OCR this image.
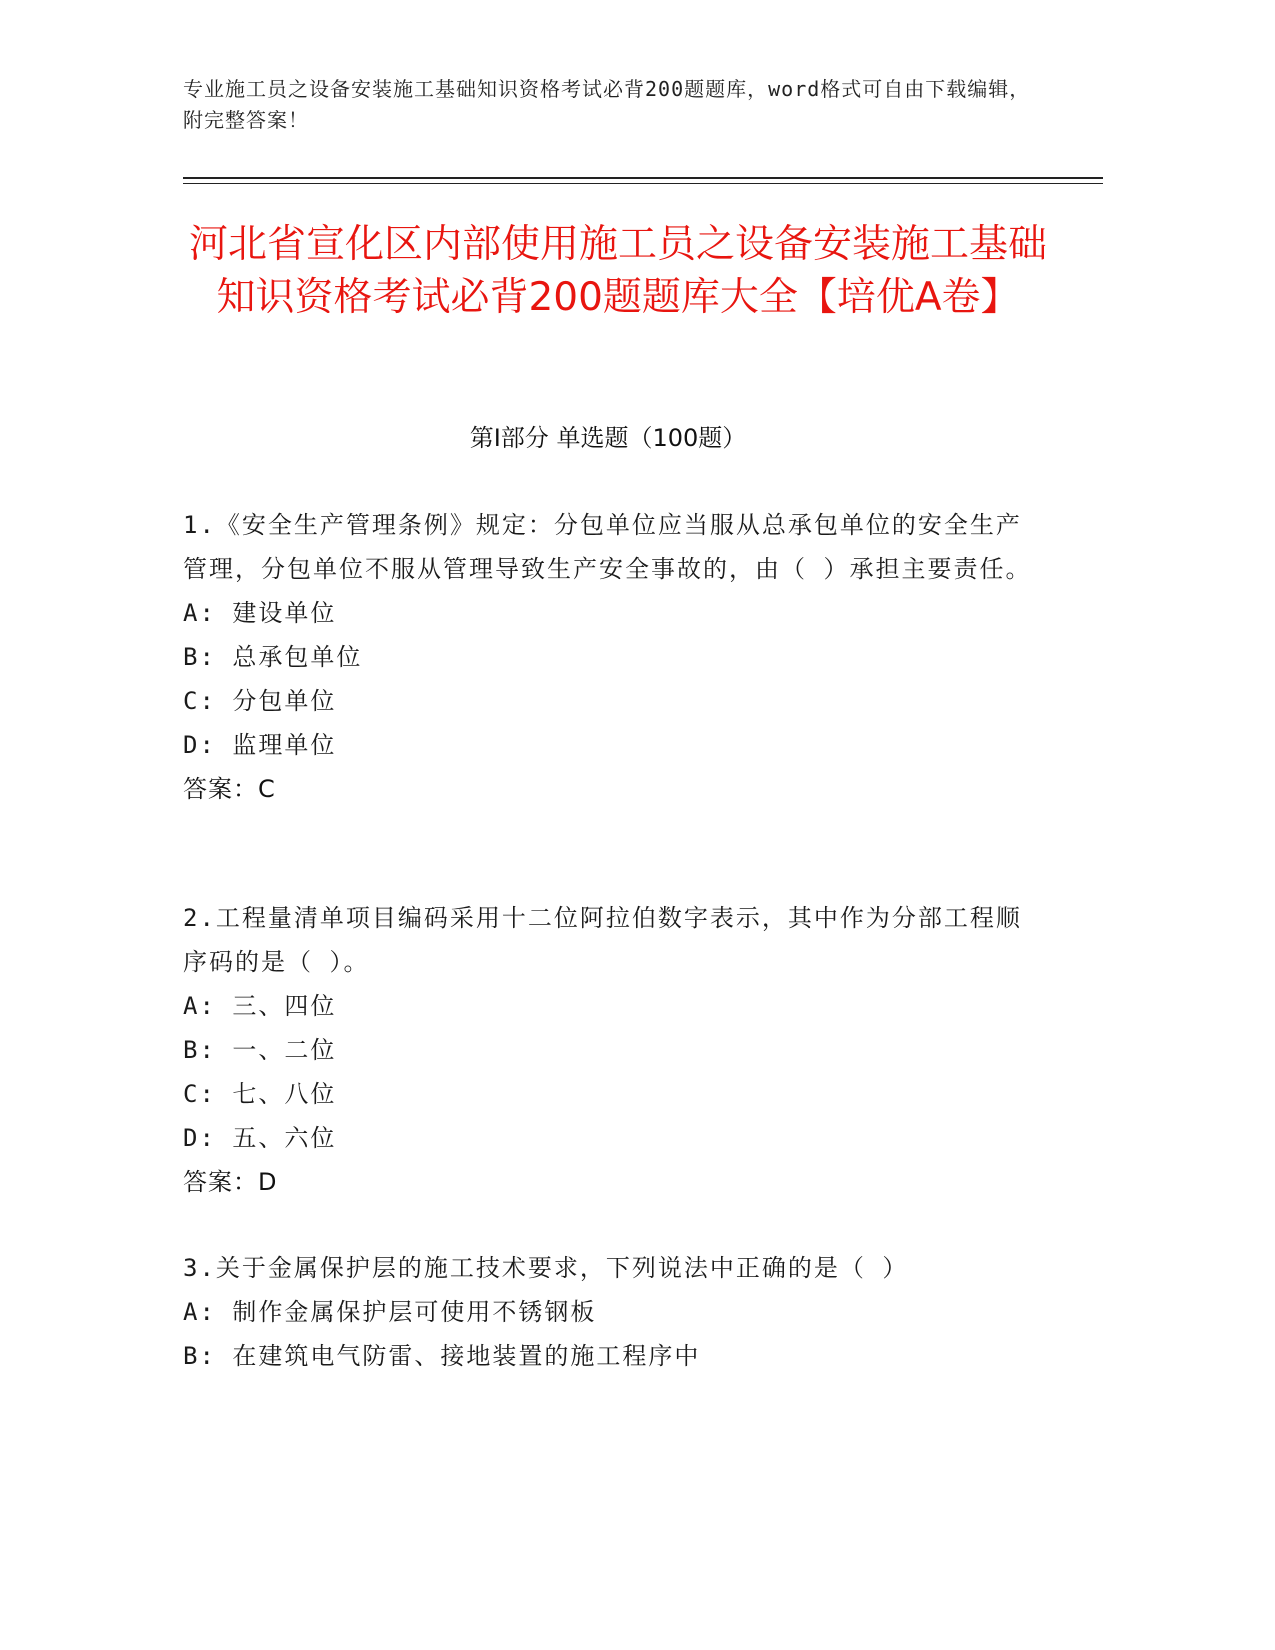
专业施工员之设备安装施工基础知识资格考试必背200题题库，word格式可自由下载编辑，附完整答案！
河北省宣化区内部使用施工员之设备安装施工基础知识资格考试必背200题题库大全【培优A卷】
第I部分 单选题（100题）
1.《安全生产管理条例》规定：分包单位应当服从总承包单位的安全生产管理，分包单位不服从管理导致生产安全事故的，由（ ）承担主要责任。
A: 建设单位
B: 总承包单位
C: 分包单位
D: 监理单位
答案：C
2.工程量清单项目编码采用十二位阿拉伯数字表示，其中作为分部工程顺序码的是（ ）。
A: 三、四位
B: 一、二位
C: 七、八位
D: 五、六位
答案：D
3.关于金属保护层的施工技术要求，下列说法中正确的是（ ）
A: 制作金属保护层可使用不锈钢板
B: 在建筑电气防雷、接地装置的施工程序中
